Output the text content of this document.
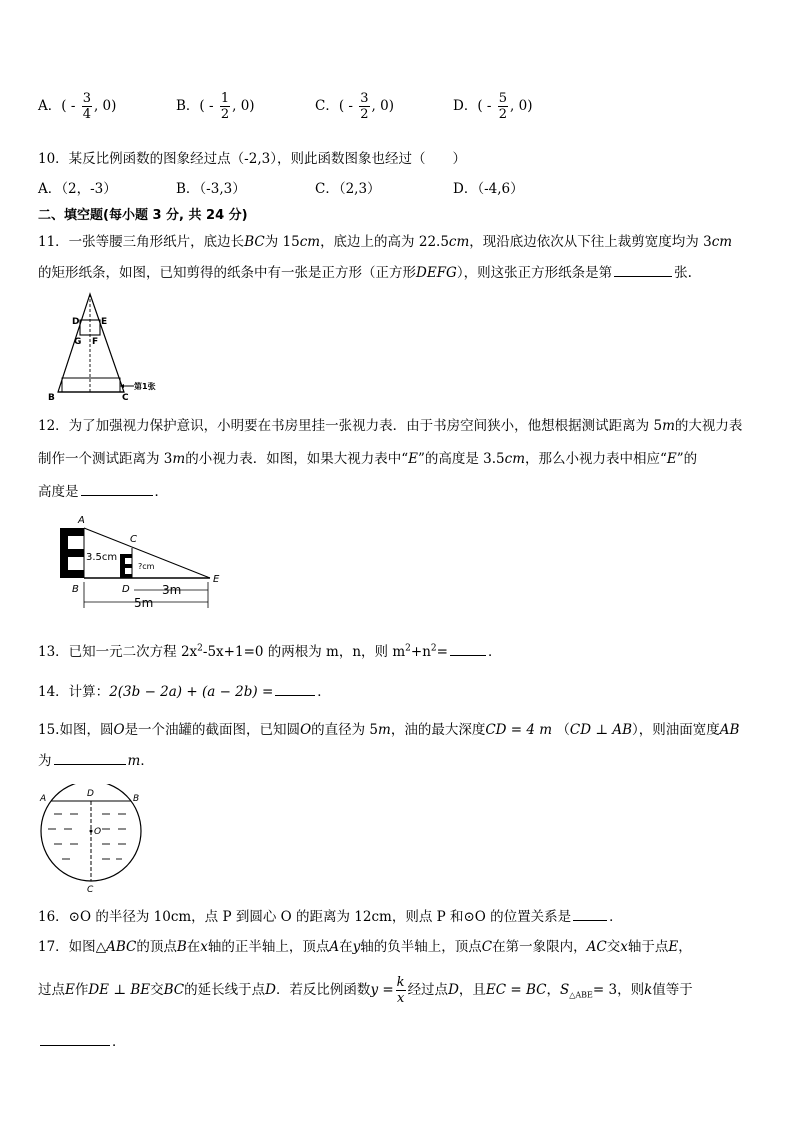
A．( - $\frac{3}{4}$ , 0)	B．( - $\frac{1}{2}$ , 0)	C．( - $\frac{3}{2}$ , 0)	D．( - $\frac{5}{2}$ , 0)
10．某反比例函数的图象经过点（-2,3），则此函数图象也经过（　　）
A．（2，-3）	B．（-3,3）	C．（2,3）	D．（-4,6）
二、填空题(每小题 3 分, 共 24 分)
11．一张等腰三角形纸片，底边长BC为 15cm，底边上的高为 22.5cm，现沿底边依次从下往上裁剪宽度均为 3cm
的矩形纸条，如图，已知剪得的纸条中有一张是正方形（正方形DEFG），则这张正方形纸条是第	张.
D E
G F
B	C
第1张
12．为了加强视力保护意识，小明要在书房里挂一张视力表．由于书房空间狭小，他想根据测试距离为 5m的大视力表
制作一个测试距离为 3m的小视力表．如图，如果大视力表中“E”的高度是 3.5cm，那么小视力表中相应“E”的
高度是	．
A
C
B	D
E
3.5cm
?cm
3m
5m
13．已知一元二次方程 $2x^2-5x+1=0$ 的两根为 m，n，则 $m^2+n^2=$	．
14．计算：2(3b − 2a) + (a − 2b) =	．
15.如图，圆O是一个油罐的截面图，已知圆O的直径为 5m，油的最大深度CD = 4 m （CD ⊥ AB），则油面宽度AB
为	m．
A	B
D
O
C
16．⊙O 的半径为 10cm，点 P 到圆心 O 的距离为 12cm，则点 P 和⊙O 的位置关系是	．
17．如图△ABC的顶点B在x轴的正半轴上，顶点A在y轴的负半轴上，顶点C在第一象限内，AC交x轴于点E，
过点E作DE ⊥ BE交BC的延长线于点D．若反比例函数$y = \frac{k}{x}$ 经过点D，且EC = BC，$S_{\triangle ABE}= 3$，则k值等于
．
